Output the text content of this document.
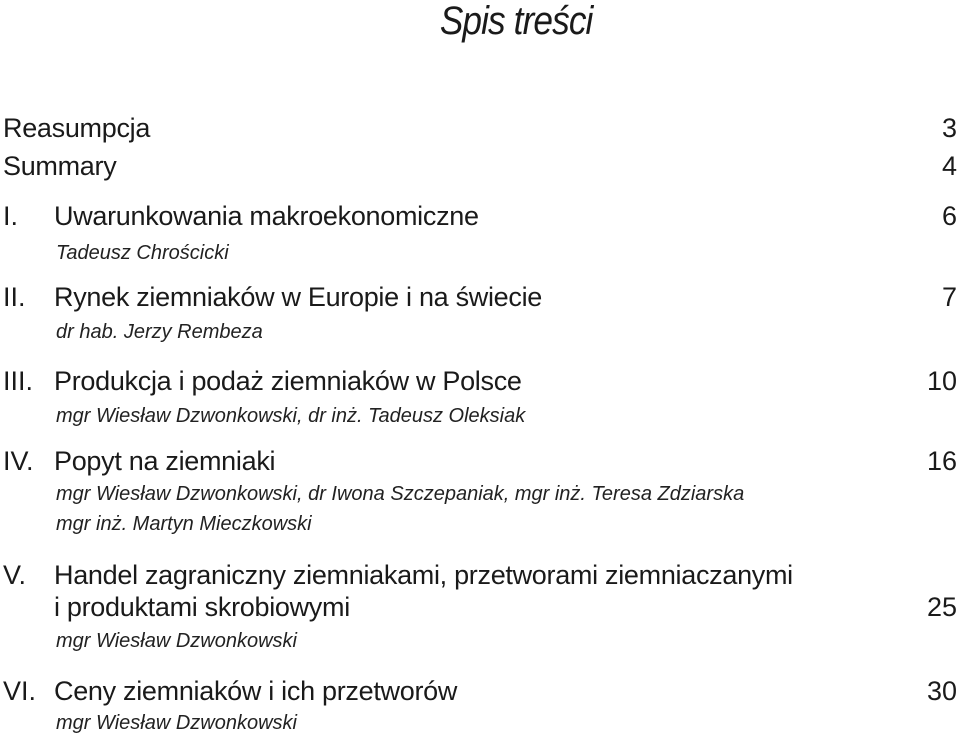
Spis treści
Reasumpcja	3
Summary	4
I. Uwarunkowania makroekonomiczne	6
Tadeusz Chrościcki
II. Rynek ziemniaków w Europie i na świecie	7
dr hab. Jerzy Rembeza
III. Produkcja i podaż ziemniaków w Polsce	10
mgr Wiesław Dzwonkowski, dr inż. Tadeusz Oleksiak
IV. Popyt na ziemniaki	16
mgr Wiesław Dzwonkowski, dr Iwona Szczepaniak, mgr inż. Teresa Zdziarska
mgr inż. Martyn Mieczkowski
V. Handel zagraniczny ziemniakami, przetworami ziemniaczanymi
i produktami skrobiowymi	25
mgr Wiesław Dzwonkowski
VI. Ceny ziemniaków i ich przetworów	30
mgr Wiesław Dzwonkowski
